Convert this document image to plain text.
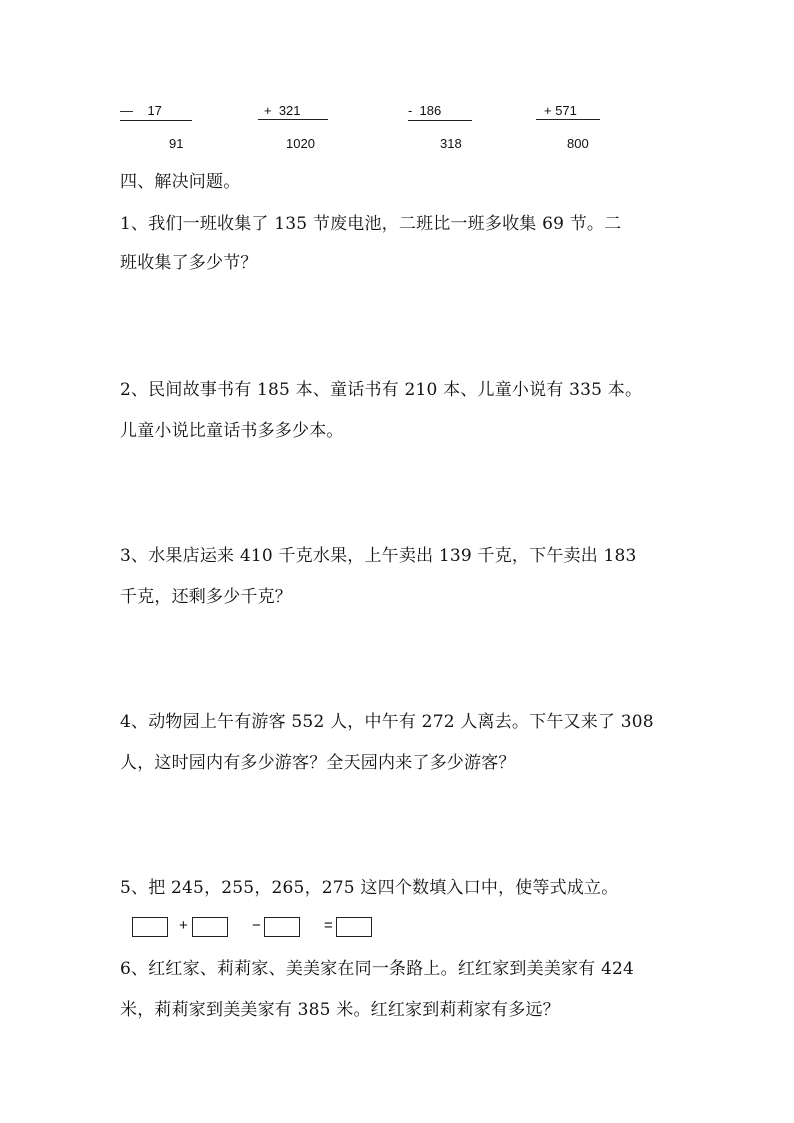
—    17	+  321	-  186	+ 571
91	1020	318	800
四、解决问题。
1、我们一班收集了 135 节废电池，二班比一班多收集 69 节。二
班收集了多少节？
2、民间故事书有 185 本、童话书有 210 本、儿童小说有 335 本。
儿童小说比童话书多多少本。
3、水果店运来 410 千克水果，上午卖出 139 千克，下午卖出 183
千克，还剩多少千克？
4、动物园上午有游客 552 人，中午有 272 人离去。下午又来了 308
人，这时园内有多少游客？全天园内来了多少游客？
5、把 245，255，265，275 这四个数填入口中，使等式成立。
+	−	=
6、红红家、莉莉家、美美家在同一条路上。红红家到美美家有 424
米，莉莉家到美美家有 385 米。红红家到莉莉家有多远？
